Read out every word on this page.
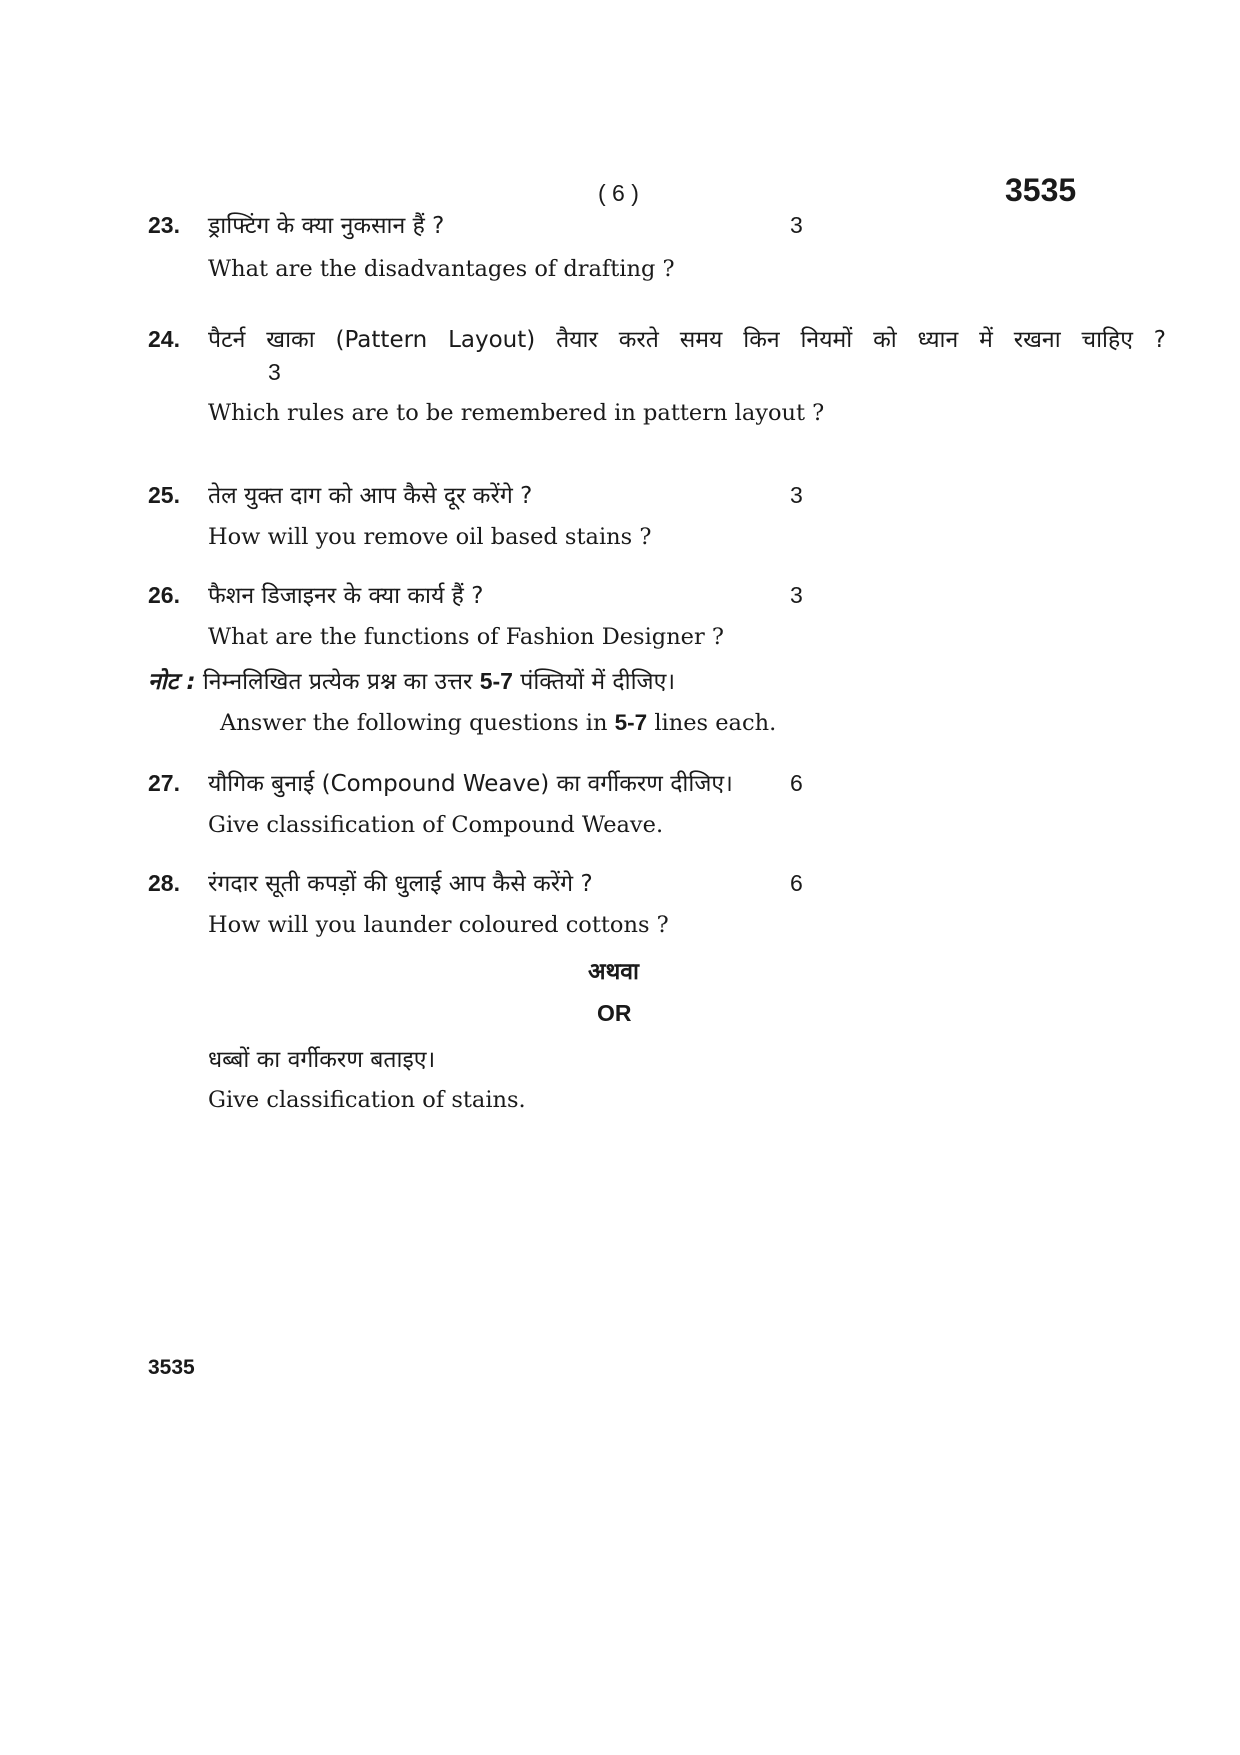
( 6 )	3535
23. ड्राफ्टिंग के क्या नुकसान हैं ?	3
What are the disadvantages of drafting ?
24. पैटर्न खाका (Pattern Layout) तैयार करते समय किन नियमों को ध्यान में रखना चाहिए ?
3
Which rules are to be remembered in pattern layout ?
25. तेल युक्त दाग को आप कैसे दूर करेंगे ?	3
How will you remove oil based stains ?
26. फैशन डिजाइनर के क्या कार्य हैं ?	3
What are the functions of Fashion Designer ?
नोट : निम्नलिखित प्रत्येक प्रश्न का उत्तर 5-7 पंक्तियों में दीजिए।
Answer the following questions in 5-7 lines each.
27. यौगिक बुनाई (Compound Weave) का वर्गीकरण दीजिए। 6
Give classification of Compound Weave.
28. रंगदार सूती कपड़ों की धुलाई आप कैसे करेंगे ?	6
How will you launder coloured cottons ?
अथवा
OR
धब्बों का वर्गीकरण बताइए।
Give classification of stains.
3535
